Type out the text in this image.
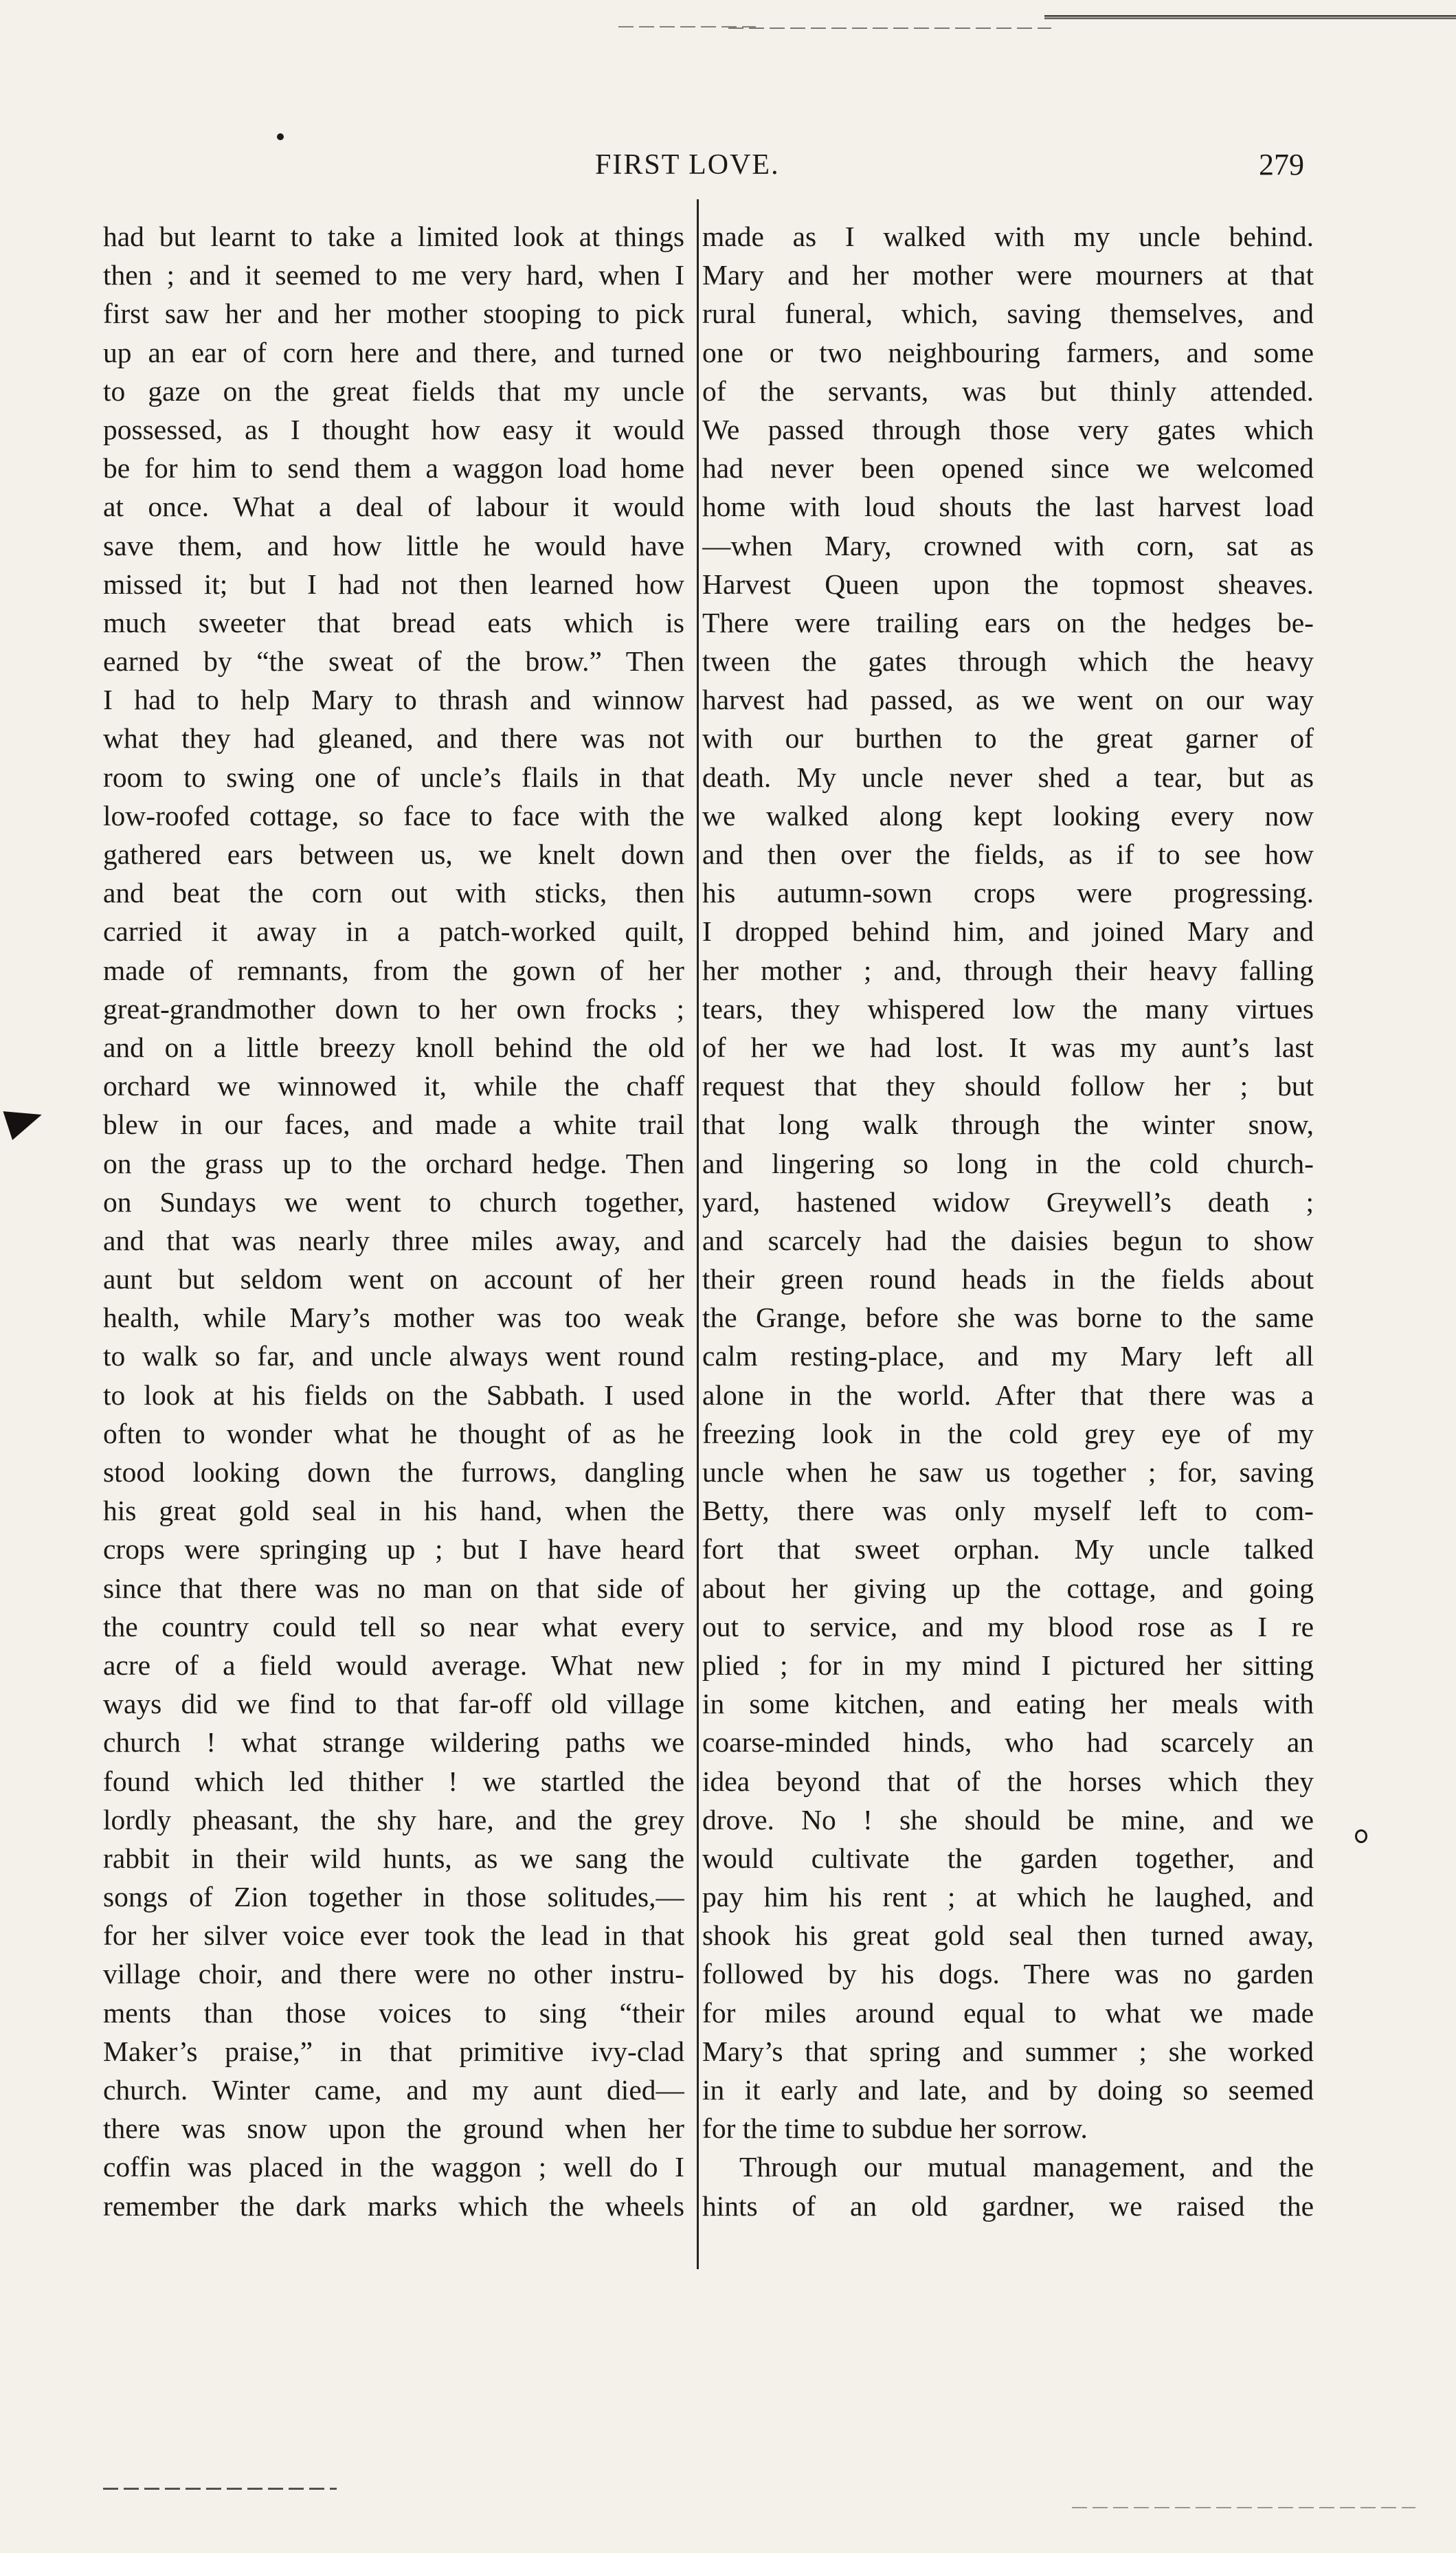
FIRST LOVE.	279
had but learnt to take a limited look at things
then ; and it seemed to me very hard, when I
first saw her and her mother stooping to pick
up an ear of corn here and there, and turned
to gaze on the great fields that my uncle
possessed, as I thought how easy it would
be for him to send them a waggon load home
at once. What a deal of labour it would
save them, and how little he would have
missed it; but I had not then learned how
much sweeter that bread eats which is
earned by “the sweat of the brow.” Then
I had to help Mary to thrash and winnow
what they had gleaned, and there was not
room to swing one of uncle’s flails in that
low-roofed cottage, so face to face with the
gathered ears between us, we knelt down
and beat the corn out with sticks, then
carried it away in a patch-worked quilt,
made of remnants, from the gown of her
great-grandmother down to her own frocks ;
and on a little breezy knoll behind the old
orchard we winnowed it, while the chaff
blew in our faces, and made a white trail
on the grass up to the orchard hedge. Then
on Sundays we went to church together,
and that was nearly three miles away, and
aunt but seldom went on account of her
health, while Mary’s mother was too weak
to walk so far, and uncle always went round
to look at his fields on the Sabbath. I used
often to wonder what he thought of as he
stood looking down the furrows, dangling
his great gold seal in his hand, when the
crops were springing up ; but I have heard
since that there was no man on that side of
the country could tell so near what every
acre of a field would average. What new
ways did we find to that far-off old village
church ! what strange wildering paths we
found which led thither ! we startled the
lordly pheasant, the shy hare, and the grey
rabbit in their wild hunts, as we sang the
songs of Zion together in those solitudes,—
for her silver voice ever took the lead in that
village choir, and there were no other instru-
ments than those voices to sing “their
Maker’s praise,” in that primitive ivy-clad
church. Winter came, and my aunt died—
there was snow upon the ground when her
coffin was placed in the waggon ; well do I
remember the dark marks which the wheels
made as I walked with my uncle behind.
Mary and her mother were mourners at that
rural funeral, which, saving themselves, and
one or two neighbouring farmers, and some
of the servants, was but thinly attended.
We passed through those very gates which
had never been opened since we welcomed
home with loud shouts the last harvest load
—when Mary, crowned with corn, sat as
Harvest Queen upon the topmost sheaves.
There were trailing ears on the hedges be-
tween the gates through which the heavy
harvest had passed, as we went on our way
with our burthen to the great garner of
death. My uncle never shed a tear, but as
we walked along kept looking every now
and then over the fields, as if to see how
his autumn-sown crops were progressing.
I dropped behind him, and joined Mary and
her mother ; and, through their heavy falling
tears, they whispered low the many virtues
of her we had lost. It was my aunt’s last
request that they should follow her ; but
that long walk through the winter snow,
and lingering so long in the cold church-
yard, hastened widow Greywell’s death ;
and scarcely had the daisies begun to show
their green round heads in the fields about
the Grange, before she was borne to the same
calm resting-place, and my Mary left all
alone in the world. After that there was a
freezing look in the cold grey eye of my
uncle when he saw us together ; for, saving
Betty, there was only myself left to com-
fort that sweet orphan. My uncle talked
about her giving up the cottage, and going
out to service, and my blood rose as I re
plied ; for in my mind I pictured her sitting
in some kitchen, and eating her meals with
coarse-minded hinds, who had scarcely an
idea beyond that of the horses which they
drove. No ! she should be mine, and we
would cultivate the garden together, and
pay him his rent ; at which he laughed, and
shook his great gold seal then turned away,
followed by his dogs. There was no garden
for miles around equal to what we made
Mary’s that spring and summer ; she worked
in it early and late, and by doing so seemed
for the time to subdue her sorrow.
Through our mutual management, and the
hints of an old gardner, we raised the
